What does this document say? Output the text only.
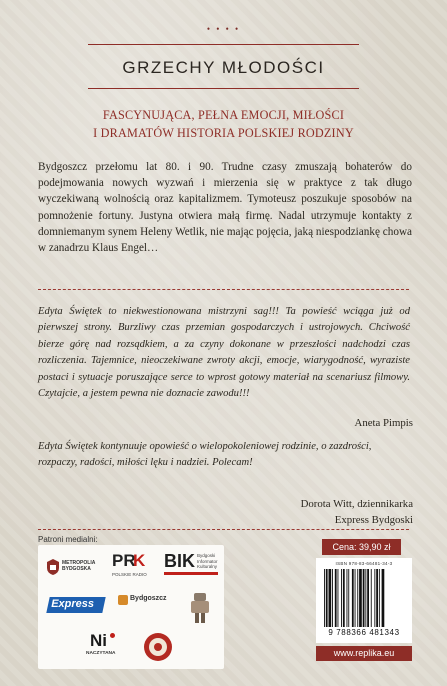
• • • •
GRZECHY MŁODOŚCI
FASCYNUJĄCA, PEŁNA EMOCJI, MIŁOŚCI
I DRAMATÓW HISTORIA POLSKIEJ RODZINY

Bydgoszcz przełomu lat 80. i 90. Trudne czasy zmuszają bohaterów do podejmowania nowych wyzwań i mierzenia się w praktyce z tak długo wyczekiwaną wolnością oraz kapitalizmem. Tymoteusz poszukuje sposobów na pomnożenie fortuny. Justyna otwiera małą firmę. Nadal utrzymuje kontakty z domniemanym synem Heleny Wetlik, nie mając pojęcia, jaką niespodziankę chowa w zanadrzu Klaus Engel…

Edyta Świętek to niekwestionowana mistrzyni sag!!! Ta powieść wciąga już od pierwszej strony. Burzliwy czas przemian gospodarczych i ustrojowych. Chciwość bierze górę nad rozsądkiem, a za czyny dokonane w przeszłości nadchodzi czas rozliczenia. Tajemnice, nieoczekiwane zwroty akcji, emocje, wiarygodność, wyraziste postaci i sytuacje poruszające serce to wprost gotowy materiał na scenariusz filmowy. Czytajcie, a jestem pewna nie doznacie zawodu!!!

Aneta Pimpis

Edyta Świętek kontynuuje opowieść o wielopokoleniowej rodzinie, o zazdrości, rozpaczy, radości, miłości lęku i nadziei. Polecam!

Dorota Witt, dziennikarka
Express Bydgoski
Patroni medialni:
METROPOLIA BYDGOSKA	PR
K
POLSKIE RADIO
BIK Bydgoski
Informator
Kulturalny
Express	Bydgoszcz
Ni
NACZYTANA
Cena: 39,90 zł
ISBN 978-83-66481-34-3
9 788366 481343
www.replika.eu
